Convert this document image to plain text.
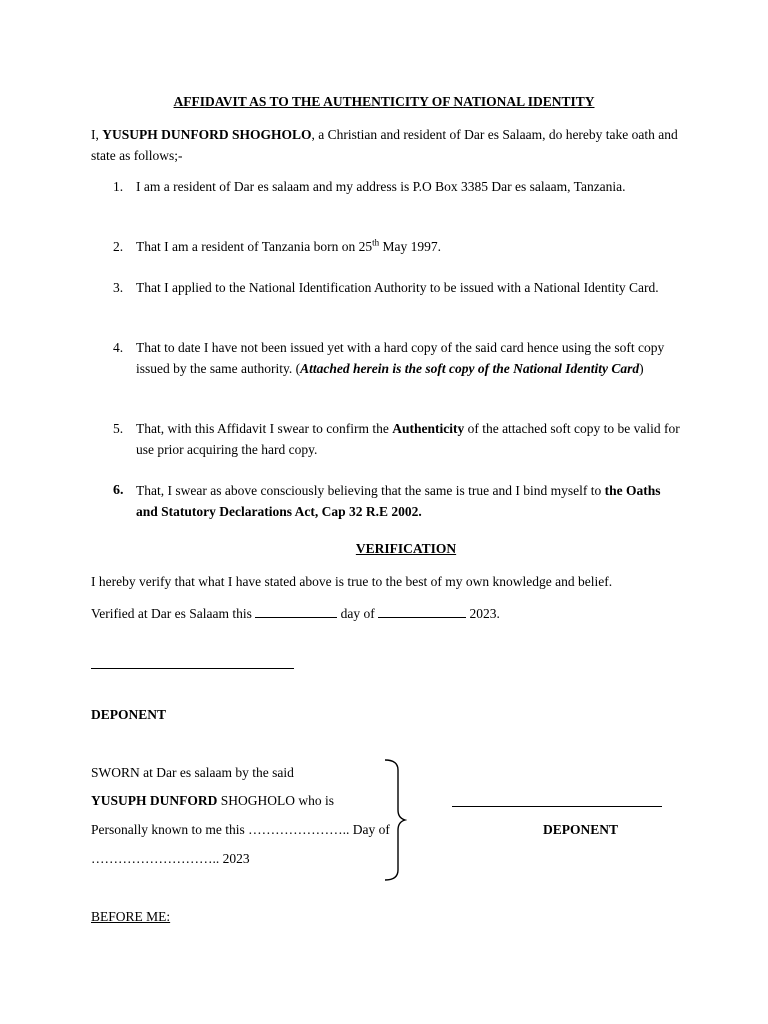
AFFIDAVIT AS TO THE AUTHENTICITY OF NATIONAL IDENTITY
I, YUSUPH DUNFORD SHOGHOLO, a Christian and resident of Dar es Salaam, do hereby take oath and state as follows;-
1. I am a resident of Dar es salaam and my address is P.O Box 3385 Dar es salaam, Tanzania.
2. That I am a resident of Tanzania born on 25th May 1997.
3. That I applied to the National Identification Authority to be issued with a National Identity Card.
4. That to date I have not been issued yet with a hard copy of the said card hence using the soft copy issued by the same authority. (Attached herein is the soft copy of the National Identity Card)
5. That, with this Affidavit I swear to confirm the Authenticity of the attached soft copy to be valid for use prior acquiring the hard copy.
6. That, I swear as above consciously believing that the same is true and I bind myself to the Oaths and Statutory Declarations Act, Cap 32 R.E 2002.
VERIFICATION
I hereby verify that what I have stated above is true to the best of my own knowledge and belief.
Verified at Dar es Salaam this	day of	2023.
DEPONENT
SWORN at Dar es salaam by the said
YUSUPH DUNFORD SHOGHOLO who is
Personally known to me this ………………….. Day of
……………………….. 2023
DEPONENT
BEFORE ME:
